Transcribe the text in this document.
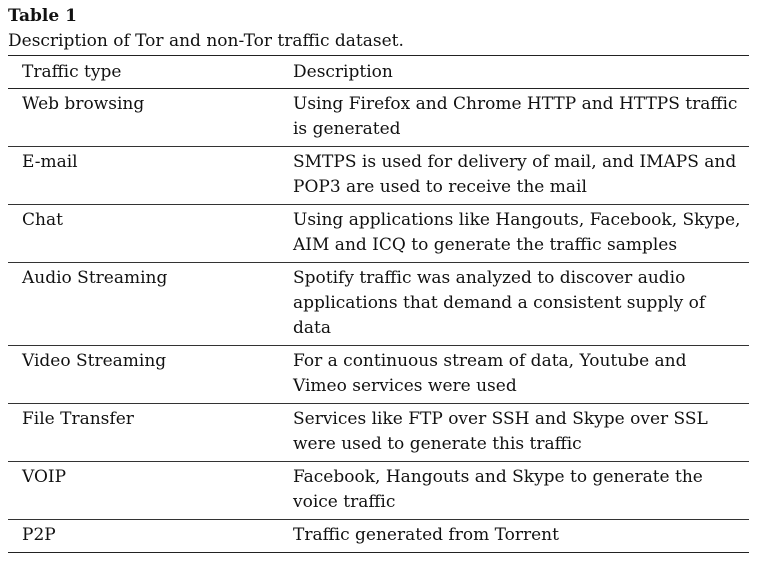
Table 1
Description of Tor and non-Tor traffic dataset.
Traffic type	Description
Web browsing	Using Firefox and Chrome HTTP and HTTPS traffic is generated
E-mail	SMTPS is used for delivery of mail, and IMAPS and POP3 are used to receive the mail
Chat	Using applications like Hangouts, Facebook, Skype, AIM and ICQ to generate the traffic samples
Audio Streaming	Spotify traffic was analyzed to discover audio applications that demand a consistent supply of data
Video Streaming	For a continuous stream of data, Youtube and Vimeo services were used
File Transfer	Services like FTP over SSH and Skype over SSL were used to generate this traffic
VOIP	Facebook, Hangouts and Skype to generate the voice traffic
P2P	Traffic generated from Torrent
